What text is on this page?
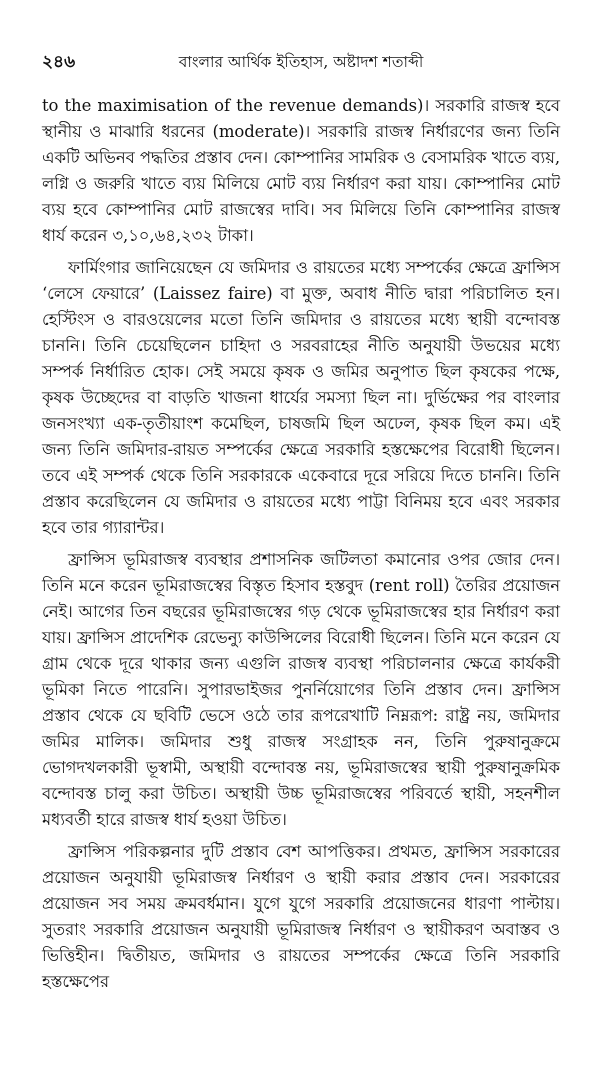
২৪৬	বাংলার আর্থিক ইতিহাস, অষ্টাদশ শতাব্দী

to the maximisation of the revenue demands)। সরকারি রাজস্ব হবে স্থানীয় ও মাঝারি ধরনের (moderate)। সরকারি রাজস্ব নির্ধারণের জন্য তিনি একটি অভিনব পদ্ধতির প্রস্তাব দেন। কোম্পানির সামরিক ও বেসামরিক খাতে ব্যয়, লগ্নি ও জরুরি খাতে ব্যয় মিলিয়ে মোট ব্যয় নির্ধারণ করা যায়। কোম্পানির মোট ব্যয় হবে কোম্পানির মোট রাজস্বের দাবি। সব মিলিয়ে তিনি কোম্পানির রাজস্ব ধার্য করেন ৩,১০,৬৪,২৩২ টাকা।

ফার্মিংগার জানিয়েছেন যে জমিদার ও রায়তের মধ্যে সম্পর্কের ক্ষেত্রে ফ্রান্সিস ‘লেসে ফেয়ারে’ (Laissez faire) বা মুক্ত, অবাধ নীতি দ্বারা পরিচালিত হন। হেস্টিংস ও বারওয়েলের মতো তিনি জমিদার ও রায়তের মধ্যে স্থায়ী বন্দোবস্ত চাননি। তিনি চেয়েছিলেন চাহিদা ও সরবরাহের নীতি অনুযায়ী উভয়ের মধ্যে সম্পর্ক নির্ধারিত হোক। সেই সময়ে কৃষক ও জমির অনুপাত ছিল কৃষকের পক্ষে, কৃষক উচ্ছেদের বা বাড়তি খাজনা ধার্যের সমস্যা ছিল না। দুর্ভিক্ষের পর বাংলার জনসংখ্যা এক-তৃতীয়াংশ কমেছিল, চাষজমি ছিল অঢেল, কৃষক ছিল কম। এই জন্য তিনি জমিদার-রায়ত সম্পর্কের ক্ষেত্রে সরকারি হস্তক্ষেপের বিরোধী ছিলেন। তবে এই সম্পর্ক থেকে তিনি সরকারকে একেবারে দূরে সরিয়ে দিতে চাননি। তিনি প্রস্তাব করেছিলেন যে জমিদার ও রায়তের মধ্যে পাট্টা বিনিময় হবে এবং সরকার হবে তার গ্যারান্টর।

ফ্রান্সিস ভূমিরাজস্ব ব্যবস্থার প্রশাসনিক জটিলতা কমানোর ওপর জোর দেন। তিনি মনে করেন ভূমিরাজস্বের বিস্তৃত হিসাব হস্তবুদ (rent roll) তৈরির প্রয়োজন নেই। আগের তিন বছরের ভূমিরাজস্বের গড় থেকে ভূমিরাজস্বের হার নির্ধারণ করা যায়। ফ্রান্সিস প্রাদেশিক রেভেন্যু কাউন্সিলের বিরোধী ছিলেন। তিনি মনে করেন যে গ্রাম থেকে দূরে থাকার জন্য এগুলি রাজস্ব ব্যবস্থা পরিচালনার ক্ষেত্রে কার্যকরী ভূমিকা নিতে পারেনি। সুপারভাইজর পুনর্নিয়োগের তিনি প্রস্তাব দেন। ফ্রান্সিস প্রস্তাব থেকে যে ছবিটি ভেসে ওঠে তার রূপরেখাটি নিম্নরূপ: রাষ্ট্র নয়, জমিদার জমির মালিক। জমিদার শুধু রাজস্ব সংগ্রাহক নন, তিনি পুরুষানুক্রমে ভোগদখলকারী ভূস্বামী, অস্থায়ী বন্দোবস্ত নয়, ভূমিরাজস্বের স্থায়ী পুরুষানুক্রমিক বন্দোবস্ত চালু করা উচিত। অস্থায়ী উচ্চ ভূমিরাজস্বের পরিবর্তে স্থায়ী, সহনশীল মধ্যবর্তী হারে রাজস্ব ধার্য হওয়া উচিত।

ফ্রান্সিস পরিকল্পনার দুটি প্রস্তাব বেশ আপত্তিকর। প্রথমত, ফ্রান্সিস সরকারের প্রয়োজন অনুযায়ী ভূমিরাজস্ব নির্ধারণ ও স্থায়ী করার প্রস্তাব দেন। সরকারের প্রয়োজন সব সময় ক্রমবর্ধমান। যুগে যুগে সরকারি প্রয়োজনের ধারণা পাল্টায়। সুতরাং সরকারি প্রয়োজন অনুযায়ী ভূমিরাজস্ব নির্ধারণ ও স্থায়ীকরণ অবাস্তব ও ভিত্তিহীন। দ্বিতীয়ত, জমিদার ও রায়তের সম্পর্কের ক্ষেত্রে তিনি সরকারি হস্তক্ষেপের
